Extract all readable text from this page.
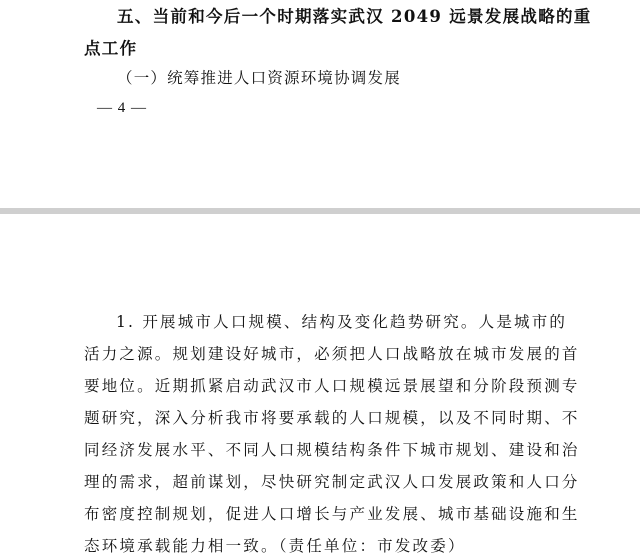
五、当前和今后一个时期落实武汉 2049 远景发展战略的重

点工作

（一）统筹推进人口资源环境协调发展

— 4 —

1. 开展城市人口规模、结构及变化趋势研究。人是城市的
活力之源。规划建设好城市，必须把人口战略放在城市发展的首
要地位。近期抓紧启动武汉市人口规模远景展望和分阶段预测专
题研究，深入分析我市将要承载的人口规模，以及不同时期、不
同经济发展水平、不同人口规模结构条件下城市规划、建设和治
理的需求，超前谋划，尽快研究制定武汉人口发展政策和人口分
布密度控制规划，促进人口增长与产业发展、城市基础设施和生
态环境承载能力相一致。（责任单位：市发改委）
